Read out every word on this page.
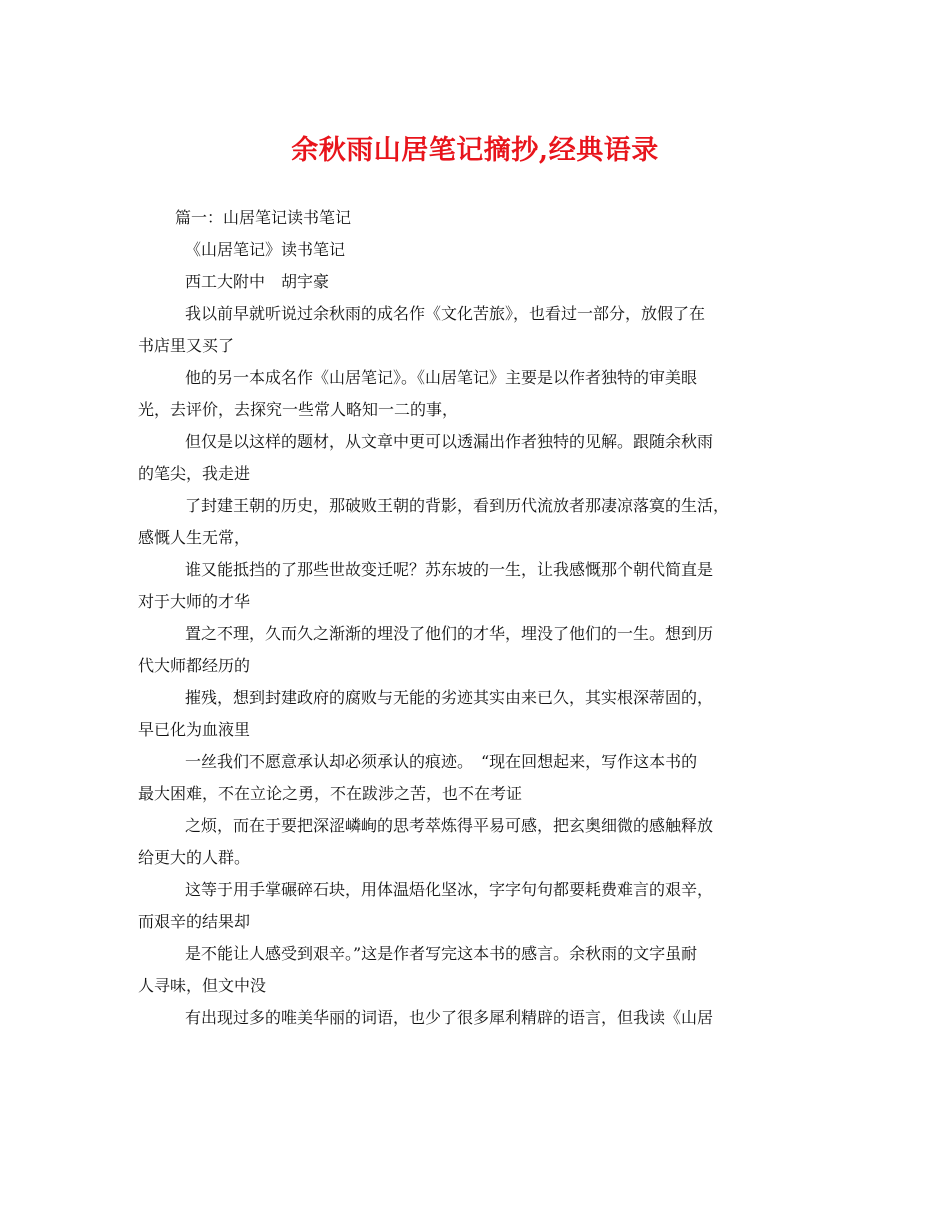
余秋雨山居笔记摘抄,经典语录
篇一：山居笔记读书笔记
《山居笔记》读书笔记
西工大附中　胡宇豪
我以前早就听说过余秋雨的成名作《文化苦旅》，也看过一部分，放假了在
书店里又买了
他的另一本成名作《山居笔记》。《山居笔记》主要是以作者独特的审美眼
光，去评价，去探究一些常人略知一二的事，
但仅是以这样的题材，从文章中更可以透漏出作者独特的见解。跟随余秋雨
的笔尖，我走进
了封建王朝的历史，那破败王朝的背影，看到历代流放者那凄凉落寞的生活，
感慨人生无常，
谁又能抵挡的了那些世故变迁呢？苏东坡的一生，让我感慨那个朝代简直是
对于大师的才华
置之不理，久而久之渐渐的埋没了他们的才华，埋没了他们的一生。想到历
代大师都经历的
摧残，想到封建政府的腐败与无能的劣迹其实由来已久，其实根深蒂固的，
早已化为血液里
一丝我们不愿意承认却必须承认的痕迹。　“现在回想起来，写作这本书的
最大困难，不在立论之勇，不在跋涉之苦，也不在考证
之烦，而在于要把深涩嶙峋的思考萃炼得平易可感，把玄奥细微的感触释放
给更大的人群。
这等于用手掌碾碎石块，用体温焐化坚冰，字字句句都要耗费难言的艰辛，
而艰辛的结果却
是不能让人感受到艰辛。”这是作者写完这本书的感言。余秋雨的文字虽耐
人寻味，但文中没
有出现过多的唯美华丽的词语，也少了很多犀利精辟的语言，但我读《山居
